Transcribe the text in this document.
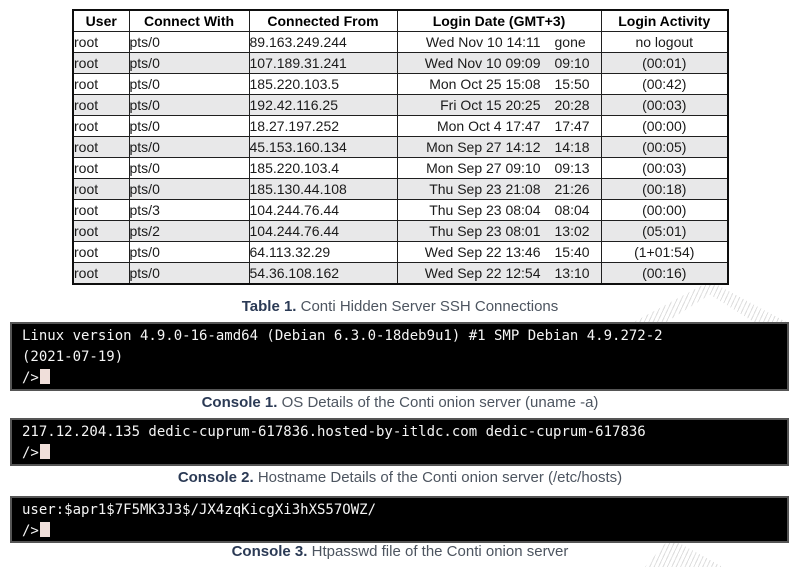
User	Connect With	Connected From	Login Date (GMT+3)	Login Activity
root	pts/0	89.163.249.244	Wed Nov 10 14:11 gone	no logout
root	pts/0	107.189.31.241	Wed Nov 10 09:09 09:10	(00:01)
root	pts/0	185.220.103.5	Mon Oct 25 15:08 15:50	(00:42)
root	pts/0	192.42.116.25	Fri Oct 15 20:25 20:28	(00:03)
root	pts/0	18.27.197.252	Mon Oct 4 17:47 17:47	(00:00)
root	pts/0	45.153.160.134	Mon Sep 27 14:12 14:18	(00:05)
root	pts/0	185.220.103.4	Mon Sep 27 09:10 09:13	(00:03)
root	pts/0	185.130.44.108	Thu Sep 23 21:08 21:26	(00:18)
root	pts/3	104.244.76.44	Thu Sep 23 08:04 08:04	(00:00)
root	pts/2	104.244.76.44	Thu Sep 23 08:01 13:02	(05:01)
root	pts/0	64.113.32.29	Wed Sep 22 13:46 15:40	(1+01:54)
root	pts/0	54.36.108.162	Wed Sep 22 12:54 13:10	(00:16)
Table 1. Conti Hidden Server SSH Connections
Linux version 4.9.0-16-amd64 (Debian 6.3.0-18deb9u1) #1 SMP Debian 4.9.272-2
(2021-07-19)
/>
Console 1. OS Details of the Conti onion server (uname -a)
217.12.204.135 dedic-cuprum-617836.hosted-by-itldc.com dedic-cuprum-617836
/>
Console 2. Hostname Details of the Conti onion server (/etc/hosts)
user:$apr1$7F5MK3J3$/JX4zqKicgXi3hXS57OWZ/
/>
Console 3. Htpasswd file of the Conti onion server
